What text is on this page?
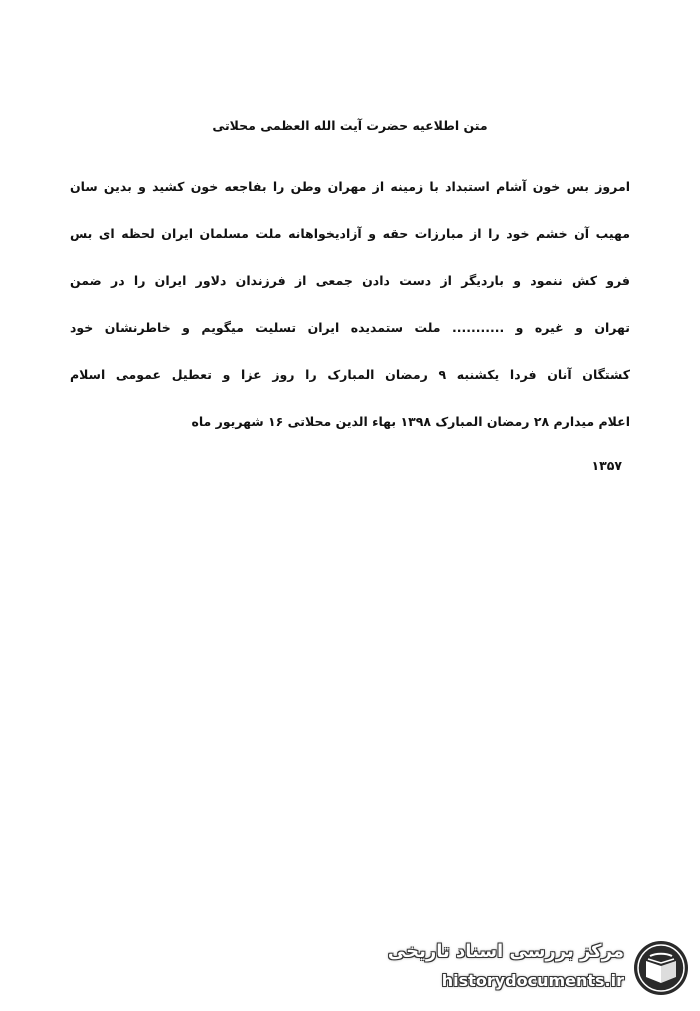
متن اطلاعیه حضرت آیت الله العظمی محلاتی
امروز بس خون آشام استبداد با زمینه از مهران وطن را بفاجعه خون کشید و بدین سان
مهیب آن خشم خود را از مبارزات حقه و آزادیخواهانه ملت مسلمان ایران لحظه ای بس
فرو کش ننمود و باردیگر از دست دادن جمعی از فرزندان دلاور ایران را در ضمن
تهران و غیره و ........... ملت ستمدیده ایران تسلیت میگویم و خاطرنشان خود
کشتگان آنان فردا یکشنبه ۹ رمضان المبارک را روز عزا و تعطیل عمومی اسلام
اعلام میدارم ۲۸ رمضان المبارک ۱۳۹۸ بهاء الدین محلاتی ۱۶ شهریور ماه
۱۳۵۷
مرکز بررسی اسناد تاریخی
historydocuments.ir
